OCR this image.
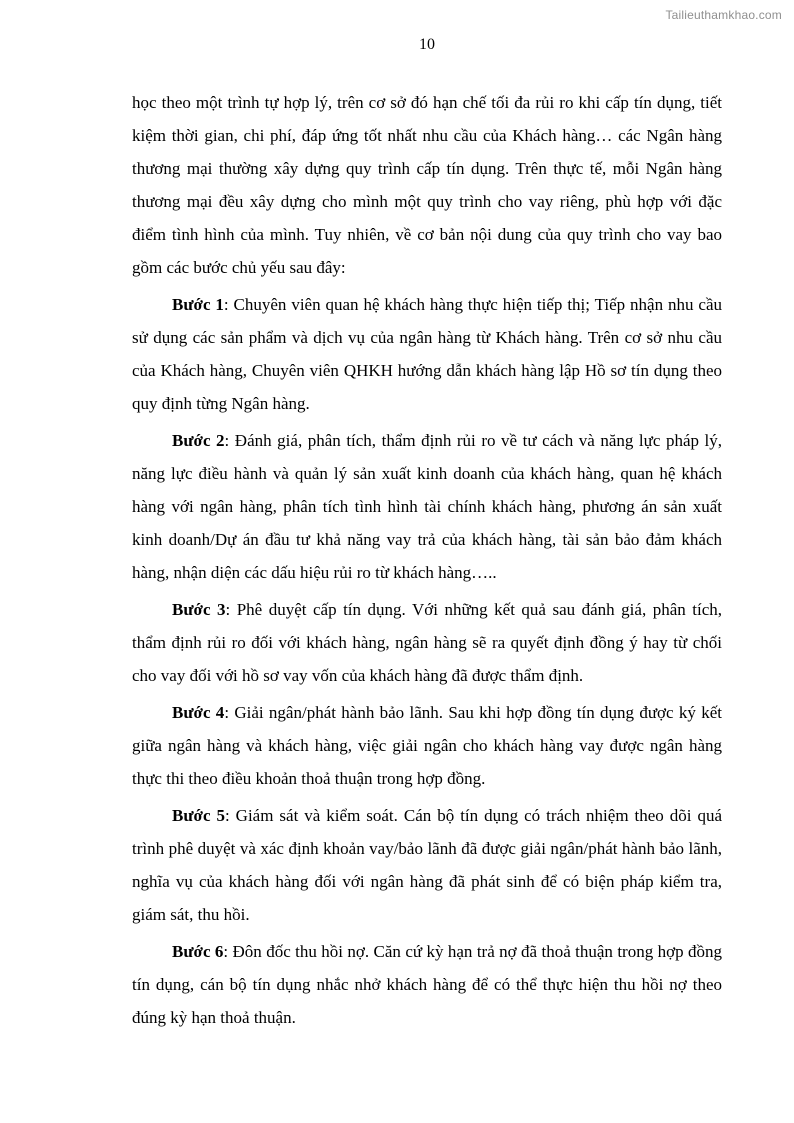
Tailieuthamkhao.com
10

học theo một trình tự hợp lý, trên cơ sở đó hạn chế tối đa rủi ro khi cấp tín dụng, tiết kiệm thời gian, chi phí, đáp ứng tốt nhất nhu cầu của Khách hàng… các Ngân hàng thương mại thường xây dựng quy trình cấp tín dụng. Trên thực tế, mỗi Ngân hàng thương mại đều xây dựng cho mình một quy trình cho vay riêng, phù hợp với đặc điểm tình hình của mình. Tuy nhiên, về cơ bản nội dung của quy trình cho vay bao gồm các bước chủ yếu sau đây:

Bước 1: Chuyên viên quan hệ khách hàng thực hiện tiếp thị; Tiếp nhận nhu cầu sử dụng các sản phẩm và dịch vụ của ngân hàng từ Khách hàng. Trên cơ sở nhu cầu của Khách hàng, Chuyên viên QHKH hướng dẫn khách hàng lập Hồ sơ tín dụng theo quy định từng Ngân hàng.

Bước 2: Đánh giá, phân tích, thẩm định rủi ro về tư cách và năng lực pháp lý, năng lực điều hành và quản lý sản xuất kinh doanh của khách hàng, quan hệ khách hàng với ngân hàng, phân tích tình hình tài chính khách hàng, phương án sản xuất kinh doanh/Dự án đầu tư khả năng vay trả của khách hàng, tài sản bảo đảm khách hàng, nhận diện các dấu hiệu rủi ro từ khách hàng…..

Bước 3: Phê duyệt cấp tín dụng. Với những kết quả sau đánh giá, phân tích, thẩm định rủi ro đối với khách hàng, ngân hàng sẽ ra quyết định đồng ý hay từ chối cho vay đối với hồ sơ vay vốn của khách hàng đã được thẩm định.

Bước 4: Giải ngân/phát hành bảo lãnh. Sau khi hợp đồng tín dụng được ký kết giữa ngân hàng và khách hàng, việc giải ngân cho khách hàng vay được ngân hàng thực thi theo điều khoản thoả thuận trong hợp đồng.

Bước 5: Giám sát và kiểm soát. Cán bộ tín dụng có trách nhiệm theo dõi quá trình phê duyệt và xác định khoản vay/bảo lãnh đã được giải ngân/phát hành bảo lãnh, nghĩa vụ của khách hàng đối với ngân hàng đã phát sinh để có biện pháp kiểm tra, giám sát, thu hồi.

Bước 6: Đôn đốc thu hồi nợ. Căn cứ kỳ hạn trả nợ đã thoả thuận trong hợp đồng tín dụng, cán bộ tín dụng nhắc nhở khách hàng để có thể thực hiện thu hồi nợ theo đúng kỳ hạn thoả thuận.
